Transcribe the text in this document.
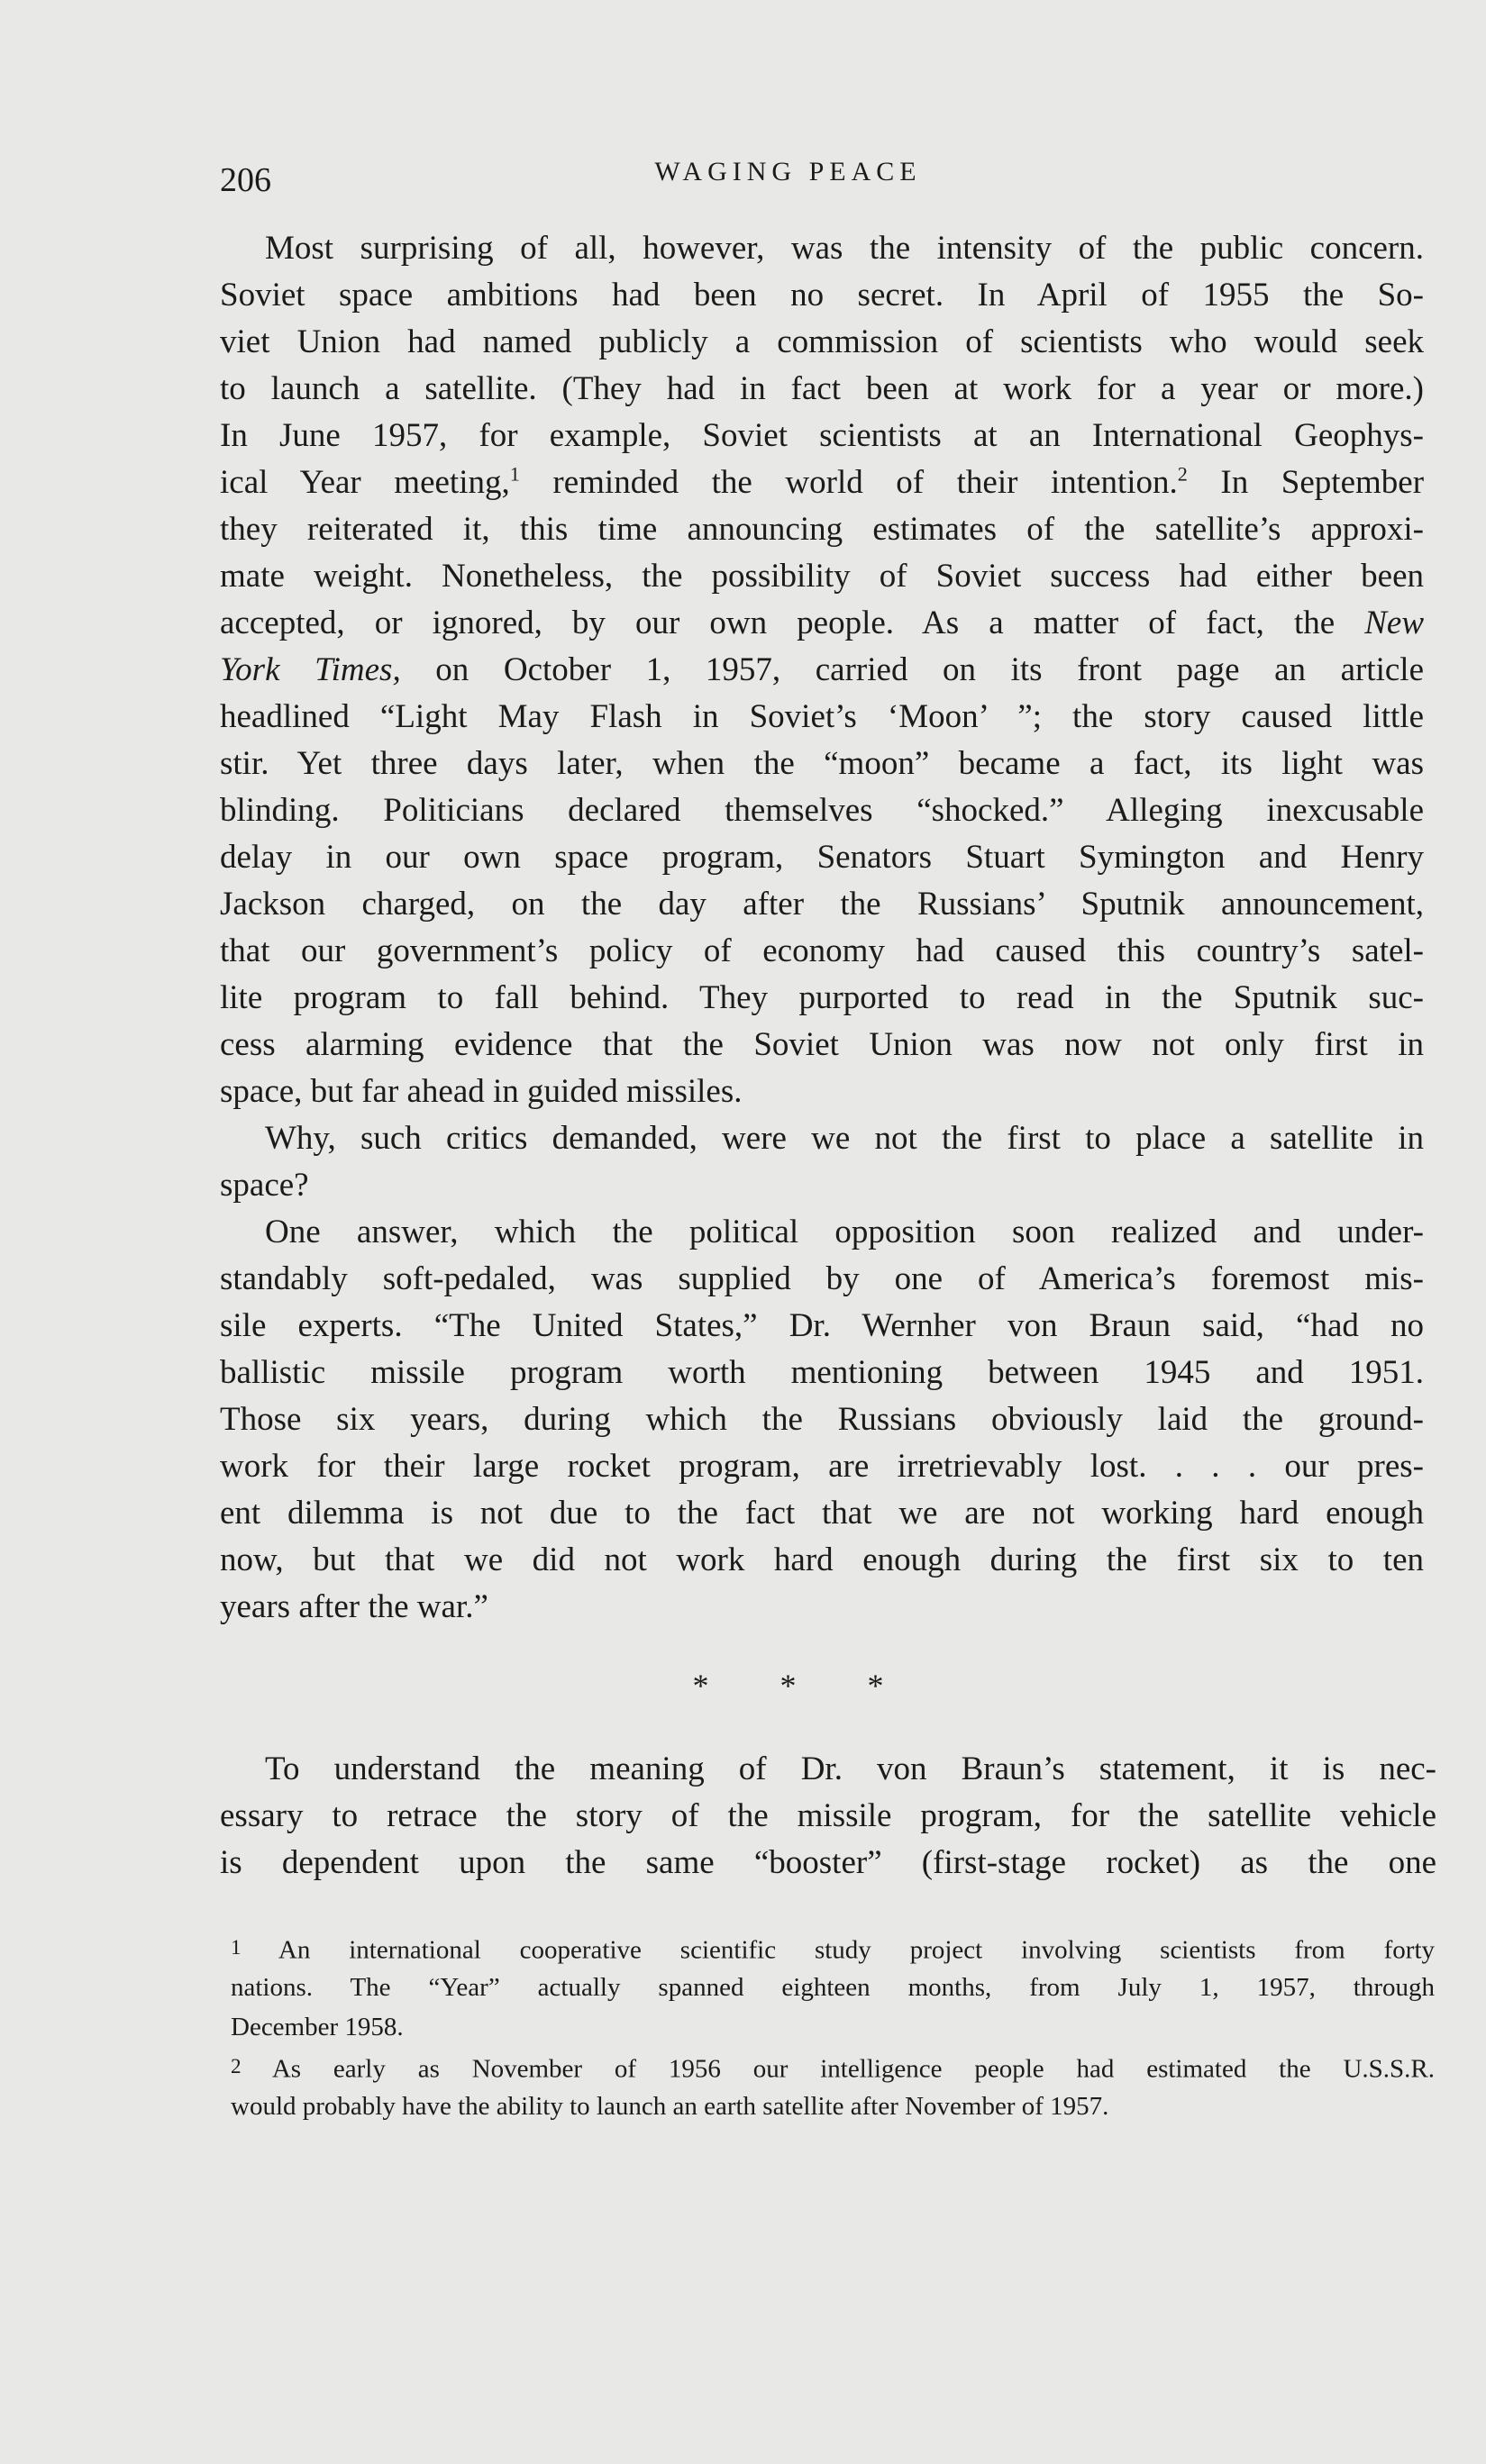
206	WAGING PEACE
Most surprising of all, however, was the intensity of the public concern.
Soviet space ambitions had been no secret. In April of 1955 the So-
viet Union had named publicly a commission of scientists who would seek
to launch a satellite. (They had in fact been at work for a year or more.)
In June 1957, for example, Soviet scientists at an International Geophys-
ical Year meeting,$^1$ reminded the world of their intention.$^2$ In September
they reiterated it, this time announcing estimates of the satellite’s approxi-
mate weight. Nonetheless, the possibility of Soviet success had either been
accepted, or ignored, by our own people. As a matter of fact, the New
York Times, on October 1, 1957, carried on its front page an article
headlined “Light May Flash in Soviet’s ‘Moon’ ”; the story caused little
stir. Yet three days later, when the “moon” became a fact, its light was
blinding. Politicians declared themselves “shocked.” Alleging inexcusable
delay in our own space program, Senators Stuart Symington and Henry
Jackson charged, on the day after the Russians’ Sputnik announcement,
that our government’s policy of economy had caused this country’s satel-
lite program to fall behind. They purported to read in the Sputnik suc-
cess alarming evidence that the Soviet Union was now not only first in
space, but far ahead in guided missiles.
Why, such critics demanded, were we not the first to place a satellite in
space?
One answer, which the political opposition soon realized and under-
standably soft-pedaled, was supplied by one of America’s foremost mis-
sile experts. “The United States,” Dr. Wernher von Braun said, “had no
ballistic missile program worth mentioning between 1945 and 1951.
Those six years, during which the Russians obviously laid the ground-
work for their large rocket program, are irretrievably lost. . . . our pres-
ent dilemma is not due to the fact that we are not working hard enough
now, but that we did not work hard enough during the first six to ten
years after the war.”
* * *
To understand the meaning of Dr. von Braun’s statement, it is nec-
essary to retrace the story of the missile program, for the satellite vehicle
is dependent upon the same “booster” (first-stage rocket) as the one
1 An international cooperative scientific study project involving scientists from forty
nations. The “Year” actually spanned eighteen months, from July 1, 1957, through
December 1958.
2 As early as November of 1956 our intelligence people had estimated the U.S.S.R.
would probably have the ability to launch an earth satellite after November of 1957.
